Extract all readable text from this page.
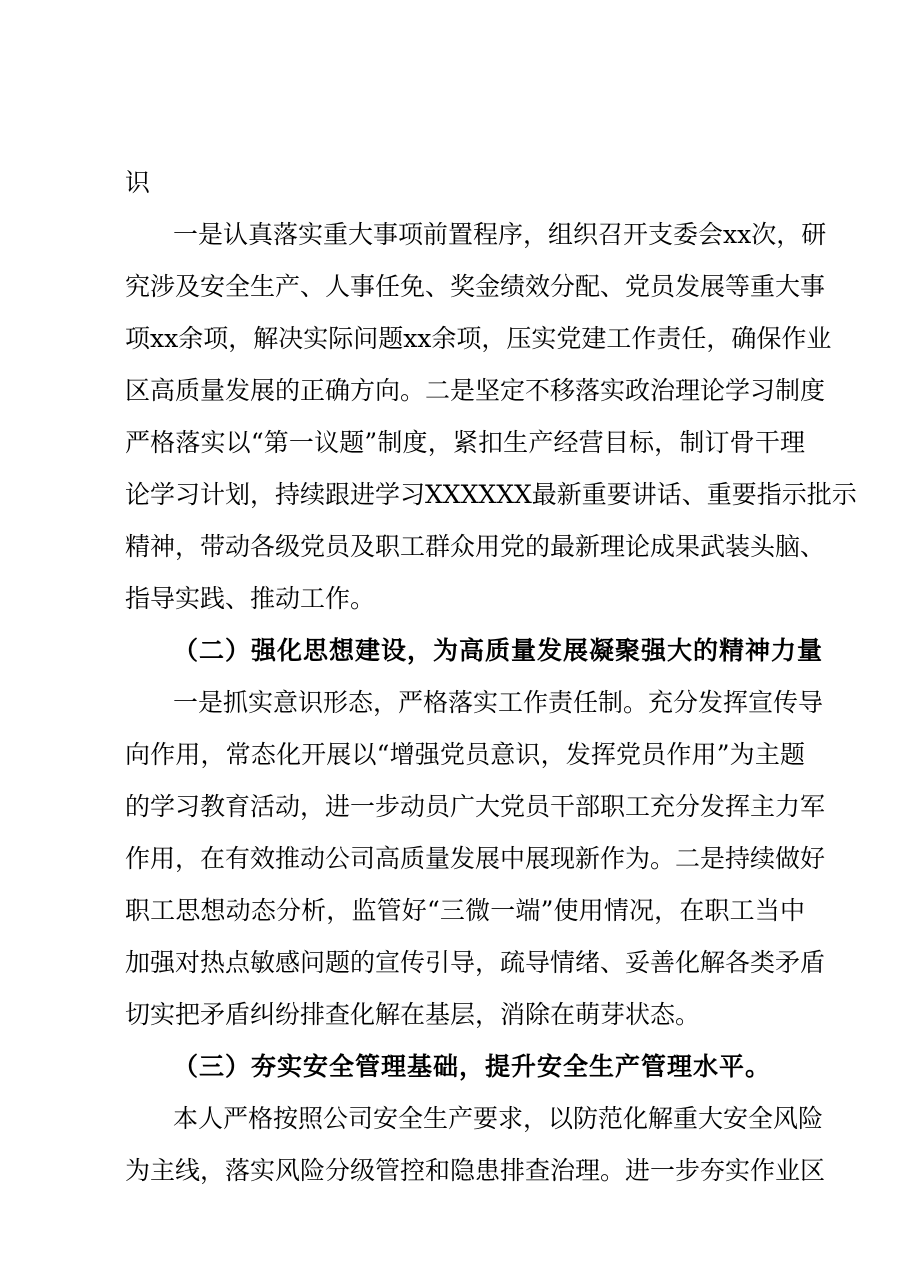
识
一是认真落实重大事项前置程序，组织召开支委会xx次，研
究涉及安全生产、人事任免、奖金绩效分配、党员发展等重大事
项xx余项，解决实际问题xx余项，压实党建工作责任，确保作业
区高质量发展的正确方向。二是坚定不移落实政治理论学习制度
严格落实以“第一议题”制度，紧扣生产经营目标，制订骨干理
论学习计划，持续跟进学习XXXXXX最新重要讲话、重要指示批示
精神，带动各级党员及职工群众用党的最新理论成果武装头脑、
指导实践、推动工作。
（二）强化思想建设，为高质量发展凝聚强大的精神力量
一是抓实意识形态，严格落实工作责任制。充分发挥宣传导
向作用，常态化开展以“增强党员意识，发挥党员作用”为主题
的学习教育活动，进一步动员广大党员干部职工充分发挥主力军
作用，在有效推动公司高质量发展中展现新作为。二是持续做好
职工思想动态分析，监管好“三微一端”使用情况，在职工当中
加强对热点敏感问题的宣传引导，疏导情绪、妥善化解各类矛盾
切实把矛盾纠纷排查化解在基层，消除在萌芽状态。
（三）夯实安全管理基础，提升安全生产管理水平。
本人严格按照公司安全生产要求，以防范化解重大安全风险
为主线，落实风险分级管控和隐患排查治理。进一步夯实作业区
